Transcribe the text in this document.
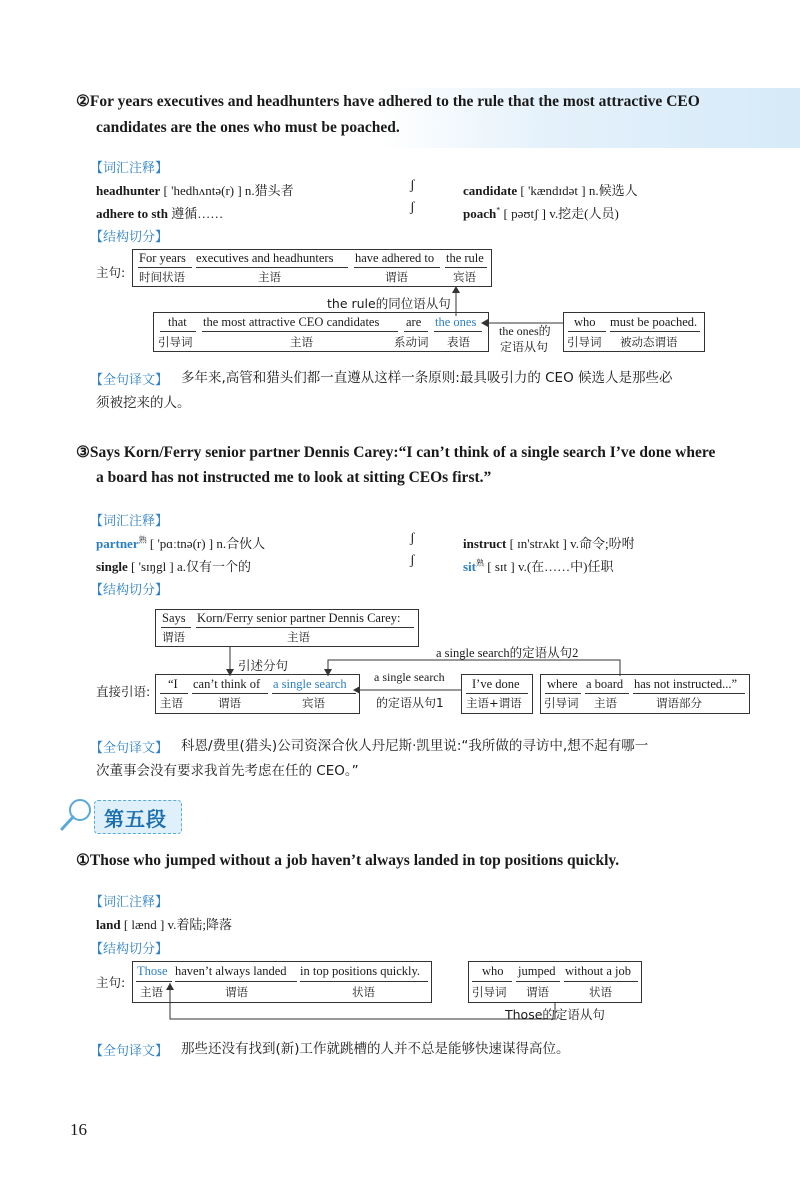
②For years executives and headhunters have adhered to the rule that the most attractive CEO
candidates are the ones who must be poached.
【词汇注释】
headhunter [ 'hedhʌntə(r) ] n.猎头者	ʃ	candidate [ 'kændɪdət ] n.候选人
adhere to sth 遵循……	ʃ	poach* [ pəʊtʃ ] v.挖走(人员)
【结构切分】
主句:
For years
时间状语
executives and headhunters
主语
have adhered to
谓语
the rule
宾语
the rule的同位语从句
that
引导词
the most attractive CEO candidates
主语
are
系动词
the ones
表语
the ones的
定语从句
who
引导词
must be poached.
被动态谓语
【全句译文】 多年来,高管和猎头们都一直遵从这样一条原则:最具吸引力的 CEO 候选人是那些必
须被挖来的人。
③Says Korn/Ferry senior partner Dennis Carey:“I can’t think of a single search I’ve done where
a board has not instructed me to look at sitting CEOs first.”
【词汇注释】
partner$^熟$ [ 'pɑːtnə(r) ] n.合伙人	ʃ	instruct [ ɪn'strʌkt ] v.命令;吩咐
single [ 'sɪŋgl ] a.仅有一个的	ʃ	sit$^熟$ [ sɪt ] v.(在……中)任职
【结构切分】
Says
谓语
Korn/Ferry senior partner Dennis Carey:
主语
引述分句
a single search的定语从句2
直接引语: “I
主语
can’t think of
谓语
a single search
宾语
a single search
的定语从句1
I’ve done
主语+谓语
where
引导词
a board
主语
has not instructed...”
谓语部分
【全句译文】 科恩/费里(猎头)公司资深合伙人丹尼斯·凯里说:“我所做的寻访中,想不起有哪一
次董事会没有要求我首先考虑在任的 CEO。”
第五段
①Those who jumped without a job haven’t always landed in top positions quickly.
【词汇注释】
land [ lænd ] v.着陆;降落
【结构切分】
主句:
Those
主语
haven’t always landed
谓语
in top positions quickly.
状语
who
引导词
jumped
谓语
without a job
状语
Those的定语从句
【全句译文】 那些还没有找到(新)工作就跳槽的人并不总是能够快速谋得高位。
16
